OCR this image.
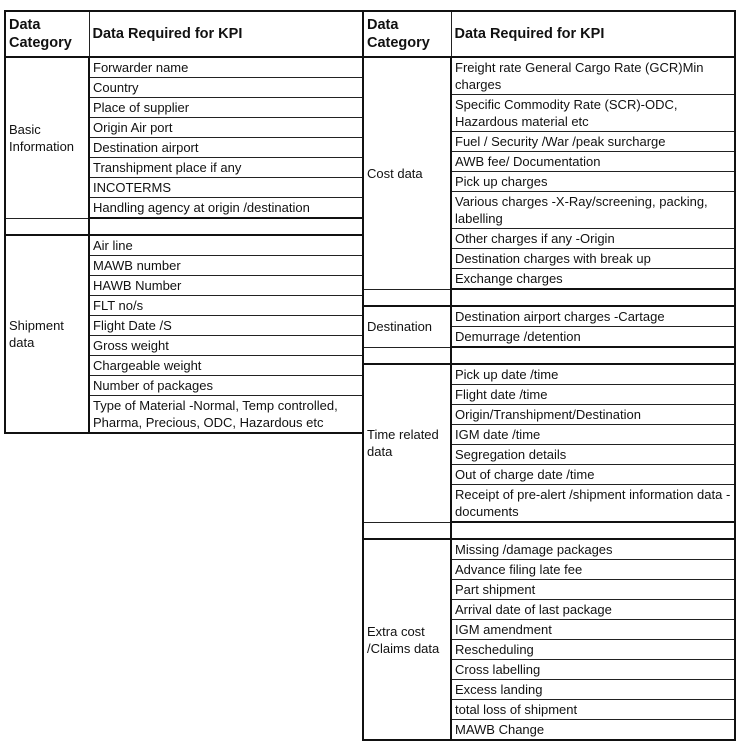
Data Category	Data Required for KPI
Basic Information	Forwarder name
	Country
	Place of supplier
	Origin Air port
	Destination airport
	Transhipment place if any
	INCOTERMS
	Handling agency at origin /destination

Shipment data	Air line
	MAWB number
	HAWB Number
	FLT no/s
	Flight Date /S
	Gross weight
	Chargeable weight
	Number of packages
	Type of Material -Normal, Temp controlled, Pharma, Precious, ODC, Hazardous etc
Data Category	Data Required for KPI
Cost data	Freight rate General Cargo Rate (GCR)Min charges
	Specific Commodity Rate (SCR)-ODC, Hazardous material etc
	Fuel / Security /War /peak surcharge
	AWB fee/ Documentation
	Pick up charges
	Various charges -X-Ray/screening, packing, labelling
	Other charges if any -Origin
	Destination charges with break up
	Exchange charges

Destination	Destination airport charges -Cartage
	Demurrage /detention

Time related data	Pick up date /time
	Flight date /time
	Origin/Transhipment/Destination
	IGM date /time
	Segregation details
	Out of charge date /time
	Receipt of pre-alert /shipment information data -documents

Extra cost /Claims data	Missing /damage packages
	Advance filing late fee
	Part shipment
	Arrival date of last package
	IGM amendment
	Rescheduling
	Cross labelling
	Excess landing
	total loss of shipment
	MAWB Change
